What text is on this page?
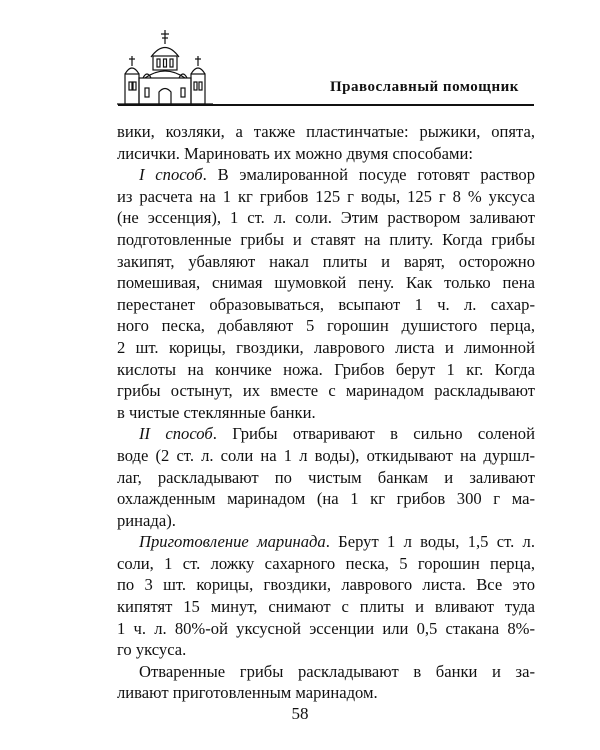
Православный помощник
вики, козляки, а также пластинчатые: рыжики, опята,
лисички. Мариновать их можно двумя способами:
I способ. В эмалированной посуде готовят раствор
из расчета на 1 кг грибов 125 г воды, 125 г 8 % уксуса
(не эссенция), 1 ст. л. соли. Этим раствором заливают
подготовленные грибы и ставят на плиту. Когда грибы
закипят, убавляют накал плиты и варят, осторожно
помешивая, снимая шумовкой пену. Как только пена
перестанет образовываться, всыпают 1 ч. л. сахар-
ного песка, добавляют 5 горошин душистого перца,
2 шт. корицы, гвоздики, лаврового листа и лимонной
кислоты на кончике ножа. Грибов берут 1 кг. Когда
грибы остынут, их вместе с маринадом раскладывают
в чистые стеклянные банки.
II способ. Грибы отваривают в сильно соленой
воде (2 ст. л. соли на 1 л воды), откидывают на дуршл-
лаг, раскладывают по чистым банкам и заливают
охлажденным маринадом (на 1 кг грибов 300 г ма-
ринада).
Приготовление маринада. Берут 1 л воды, 1,5 ст. л.
соли, 1 ст. ложку сахарного песка, 5 горошин перца,
по 3 шт. корицы, гвоздики, лаврового листа. Все это
кипятят 15 минут, снимают с плиты и вливают туда
1 ч. л. 80%-ой уксусной эссенции или 0,5 стакана 8%-
го уксуса.
Отваренные грибы раскладывают в банки и за-
ливают приготовленным маринадом.
58
